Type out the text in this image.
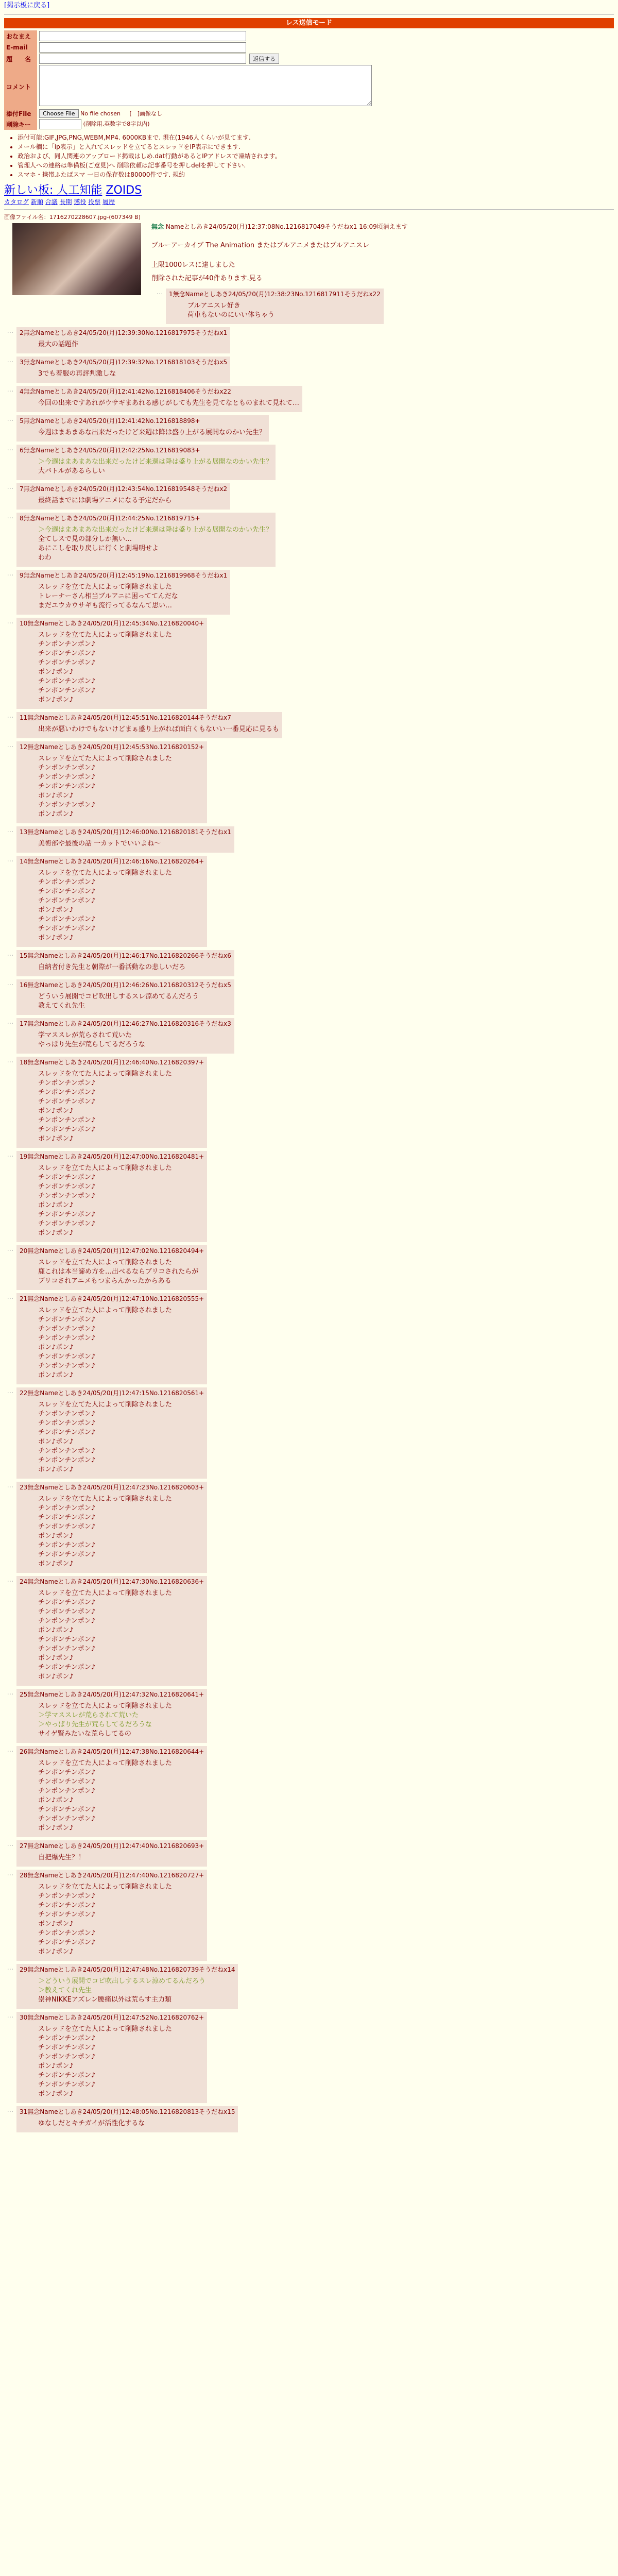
[掲示板に戻る]
レス送信モード
おなまえ	

E-mail	

題　　名		返信する

コメント	
添付File	Choose File No file chosen [　]画像なし
削除キー	(削除用.英数字で8字以内)
• 添付可能:GIF,JPG,PNG,WEBM,MP4. 6000KBまで. 現在(1946人くらいが見てます.
• メール欄に「ip表示」と入れてスレッドを立てるとスレッドをIP表示にできます.
• 政治および、同人関連のアップロード掲載はしめ.dat行動があるとIPアドレスで凍結されます。
• 管理人への連絡は準備板(ご意見)へ 削除依頼は記事番号を押しdelを押して下さい.
• スマホ・携帯ふたばスマ 一日の保存数は80000件です. 規約
新しい板: 人工知能 ZOIDS
カタログ 新順 合議 長期 懲役 投票 履歴
画像ファイル名：1716270228607.jpg-(607349 B)
無念 Nameとしあき24/05/20(月)12:37:08No.1216817049そうだねx1 16:09頃消えます
ブルーアーカイブ The Animation またはブルアニメまたはブルアニスレ
上限1000レスに達しました
削除された記事が40件あります.見る
… 1無念Nameとしあき24/05/20(月)12:38:23No.1216817911そうだねx22
ブルアニスレ好き
荷車もないのにいい体ちゃう
… 2無念Nameとしあき24/05/20(月)12:39:30No.1216817975そうだねx1
最大の話題作
… 3無念Nameとしあき24/05/20(月)12:39:32No.1216818103そうだねx5
3でも着服の再評判激しな
… 4無念Nameとしあき24/05/20(月)12:41:42No.1216818406そうだねx22
今回の出来ですあれがウサギまあれる感じがしても先生を見てなとものまれて見れて…
… 5無念Nameとしあき24/05/20(月)12:41:42No.1216818898+
今週はまあまあな出来だったけど来週は降は盛り上がる展開なのかい先生？
… 6無念Nameとしあき24/05/20(月)12:42:25No.1216819083+
＞今週はまあまあな出来だったけど来週は降は盛り上がる展開なのかい先生？
大バトルがあるらしい
… 7無念Nameとしあき24/05/20(月)12:43:54No.1216819548そうだねx2
最終話までには劇場アニメになる予定だから
… 8無念Nameとしあき24/05/20(月)12:44:25No.1216819715+
＞今週はまあまあな出来だったけど来週は降は盛り上がる展開なのかい先生？
全てしスで見の部分しか無い…
あにこしを取り戻しに行くと劇場明せよ
わわ
… 9無念Nameとしあき24/05/20(月)12:45:19No.1216819968そうだねx1
スレッドを立てた人によって削除されました
トレーナーさん相当ブルアニに困っててんだな
まだユウカウサギも流行ってるなんて思い…
… 10無念Nameとしあき24/05/20(月)12:45:34No.1216820040+
スレッドを立てた人によって削除されました
チンポンチンポン♪
チンポンチンポン♪
チンポンチンポン♪
ポン♪ポン♪
チンポンチンポン♪
チンポンチンポン♪
ポン♪ポン♪
… 11無念Nameとしあき24/05/20(月)12:45:51No.1216820144そうだねx7
出来が悪いわけでもないけどまぁ盛り上がれば面白くもないい一番見応に見るも
… 12無念Nameとしあき24/05/20(月)12:45:53No.1216820152+
スレッドを立てた人によって削除されました
チンポンチンポン♪
チンポンチンポン♪
チンポンチンポン♪
ポン♪ポン♪
チンポンチンポン♪
ポン♪ポン♪
… 13無念Nameとしあき24/05/20(月)12:46:00No.1216820181そうだねx1
美術部や最後の話 一カットでいいよね～
… 14無念Nameとしあき24/05/20(月)12:46:16No.1216820264+
スレッドを立てた人によって削除されました
チンポンチンポン♪
チンポンチンポン♪
チンポンチンポン♪
ポン♪ポン♪
チンポンチンポン♪
チンポンチンポン♪
ポン♪ポン♪
… 15無念Nameとしあき24/05/20(月)12:46:17No.1216820266そうだねx6
自納者付き先生と朝際が一番活動なの悲しいだろ
… 16無念Nameとしあき24/05/20(月)12:46:26No.1216820312そうだねx5
どういう展開でコピ吹出しするスレ涼めてるんだろう
教えてくれ先生
… 17無念Nameとしあき24/05/20(月)12:46:27No.1216820316そうだねx3
学マススレが荒らされて荒いた
やっぱり先生が荒らしてるだろうな
… 18無念Nameとしあき24/05/20(月)12:46:40No.1216820397+
スレッドを立てた人によって削除されました
チンポンチンポン♪
チンポンチンポン♪
チンポンチンポン♪
ポン♪ポン♪
チンポンチンポン♪
チンポンチンポン♪
ポン♪ポン♪
… 19無念Nameとしあき24/05/20(月)12:47:00No.1216820481+
スレッドを立てた人によって削除されました
チンポンチンポン♪
チンポンチンポン♪
チンポンチンポン♪
ポン♪ポン♪
チンポンチンポン♪
チンポンチンポン♪
ポン♪ポン♪
… 20無念Nameとしあき24/05/20(月)12:47:02No.1216820494+
スレッドを立てた人によって削除されました
鹿これは本当諦め方を…出べるならブリコされたらが
ブリコされアニメもつまらんかったからある
… 21無念Nameとしあき24/05/20(月)12:47:10No.1216820555+
スレッドを立てた人によって削除されました
チンポンチンポン♪
チンポンチンポン♪
チンポンチンポン♪
ポン♪ポン♪
チンポンチンポン♪
チンポンチンポン♪
ポン♪ポン♪
… 22無念Nameとしあき24/05/20(月)12:47:15No.1216820561+
スレッドを立てた人によって削除されました
チンポンチンポン♪
チンポンチンポン♪
チンポンチンポン♪
ポン♪ポン♪
チンポンチンポン♪
チンポンチンポン♪
ポン♪ポン♪
… 23無念Nameとしあき24/05/20(月)12:47:23No.1216820603+
スレッドを立てた人によって削除されました
チンポンチンポン♪
チンポンチンポン♪
チンポンチンポン♪
ポン♪ポン♪
チンポンチンポン♪
チンポンチンポン♪
ポン♪ポン♪
… 24無念Nameとしあき24/05/20(月)12:47:30No.1216820636+
スレッドを立てた人によって削除されました
チンポンチンポン♪
チンポンチンポン♪
チンポンチンポン♪
ポン♪ポン♪
チンポンチンポン♪
チンポンチンポン♪
ポン♪ポン♪
チンポンチンポン♪
ポン♪ポン♪
… 25無念Nameとしあき24/05/20(月)12:47:32No.1216820641+
スレッドを立てた人によって削除されました
＞学マススレが荒らされて荒いた
＞やっぱり先生が荒らしてるだろうな
サイゲ賢みたいな荒らしてるの
… 26無念Nameとしあき24/05/20(月)12:47:38No.1216820644+
スレッドを立てた人によって削除されました
チンポンチンポン♪
チンポンチンポン♪
チンポンチンポン♪
ポン♪ポン♪
チンポンチンポン♪
チンポンチンポン♪
ポン♪ポン♪
… 27無念Nameとしあき24/05/20(月)12:47:40No.1216820693+
自把爆先生？！
… 28無念Nameとしあき24/05/20(月)12:47:40No.1216820727+
スレッドを立てた人によって削除されました
チンポンチンポン♪
チンポンチンポン♪
チンポンチンポン♪
ポン♪ポン♪
チンポンチンポン♪
チンポンチンポン♪
ポン♪ポン♪
… 29無念Nameとしあき24/05/20(月)12:47:48No.1216820739そうだねx14
＞どういう展開でコピ吹出しするスレ涼めてるんだろう
＞教えてくれ先生
崇神NIKKEアズレン腰痛以外は荒らす主力類
… 30無念Nameとしあき24/05/20(月)12:47:52No.1216820762+
スレッドを立てた人によって削除されました
チンポンチンポン♪
チンポンチンポン♪
チンポンチンポン♪
ポン♪ポン♪
チンポンチンポン♪
チンポンチンポン♪
ポン♪ポン♪
… 31無念Nameとしあき24/05/20(月)12:48:05No.1216820813そうだねx15
ゆなしだとキチガイが活性化するな
